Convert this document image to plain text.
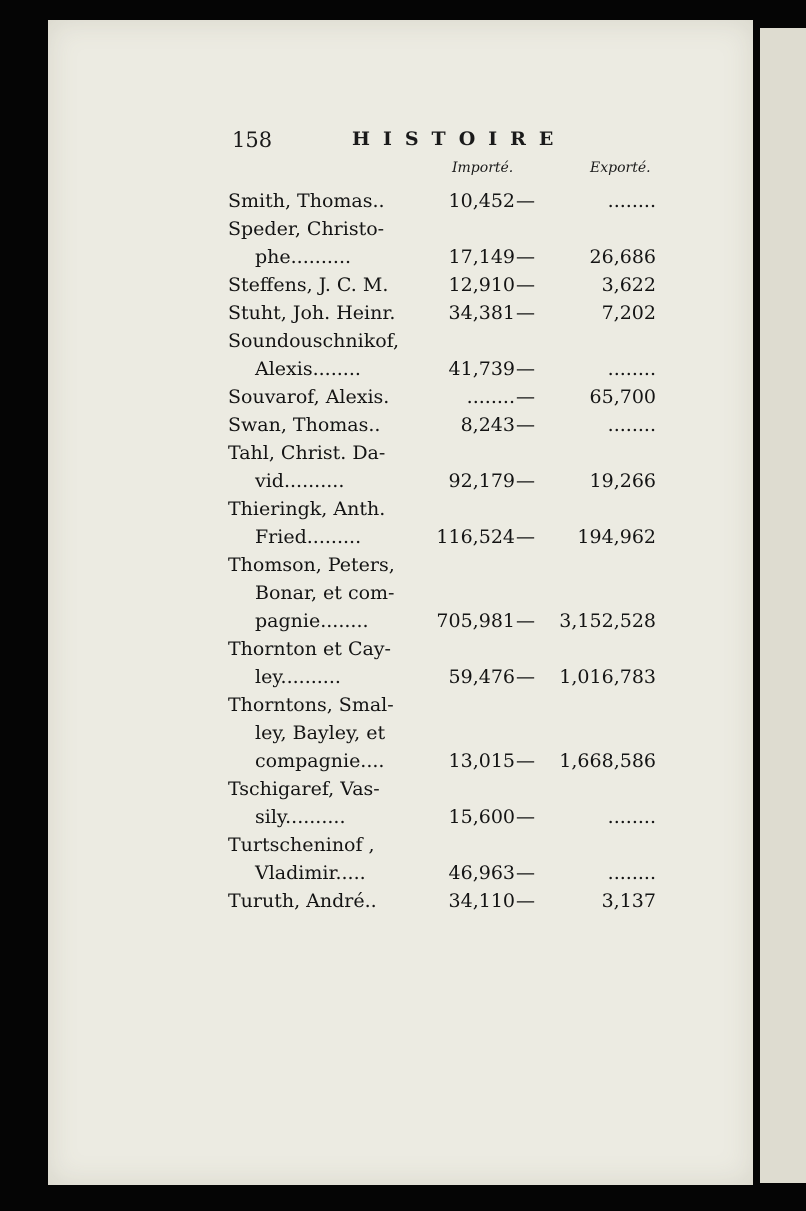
158	HISTOIRE
Importé.	Exporté.
Smith, Thomas..	10,452 —	........
Speder, Christo-
phe..........	17,149 —	26,686
Steffens, J. C. M.	12,910 —	3,622
Stuht, Joh. Heinr.	34,381 —	7,202
Soundouschnikof,
Alexis........	41,739 —	........
Souvarof, Alexis.	........ —	65,700
Swan, Thomas..	8,243 —	........
Tahl, Christ. Da-
vid..........	92,179 —	19,266
Thieringk, Anth.
Fried.........	116,524 — 194,962
Thomson, Peters,
Bonar, et com-
pagnie........	705,981 — 3,152,528
Thornton et Cay-
ley..........	59,476 — 1,016,783
Thorntons, Smal-
ley, Bayley, et
compagnie....	13,015 — 1,668,586
Tschigaref, Vas-
sily..........	15,600 —	........
Turtscheninof ,
Vladimir.....	46,963 —	........
Turuth, André..	34,110 —	3,137
